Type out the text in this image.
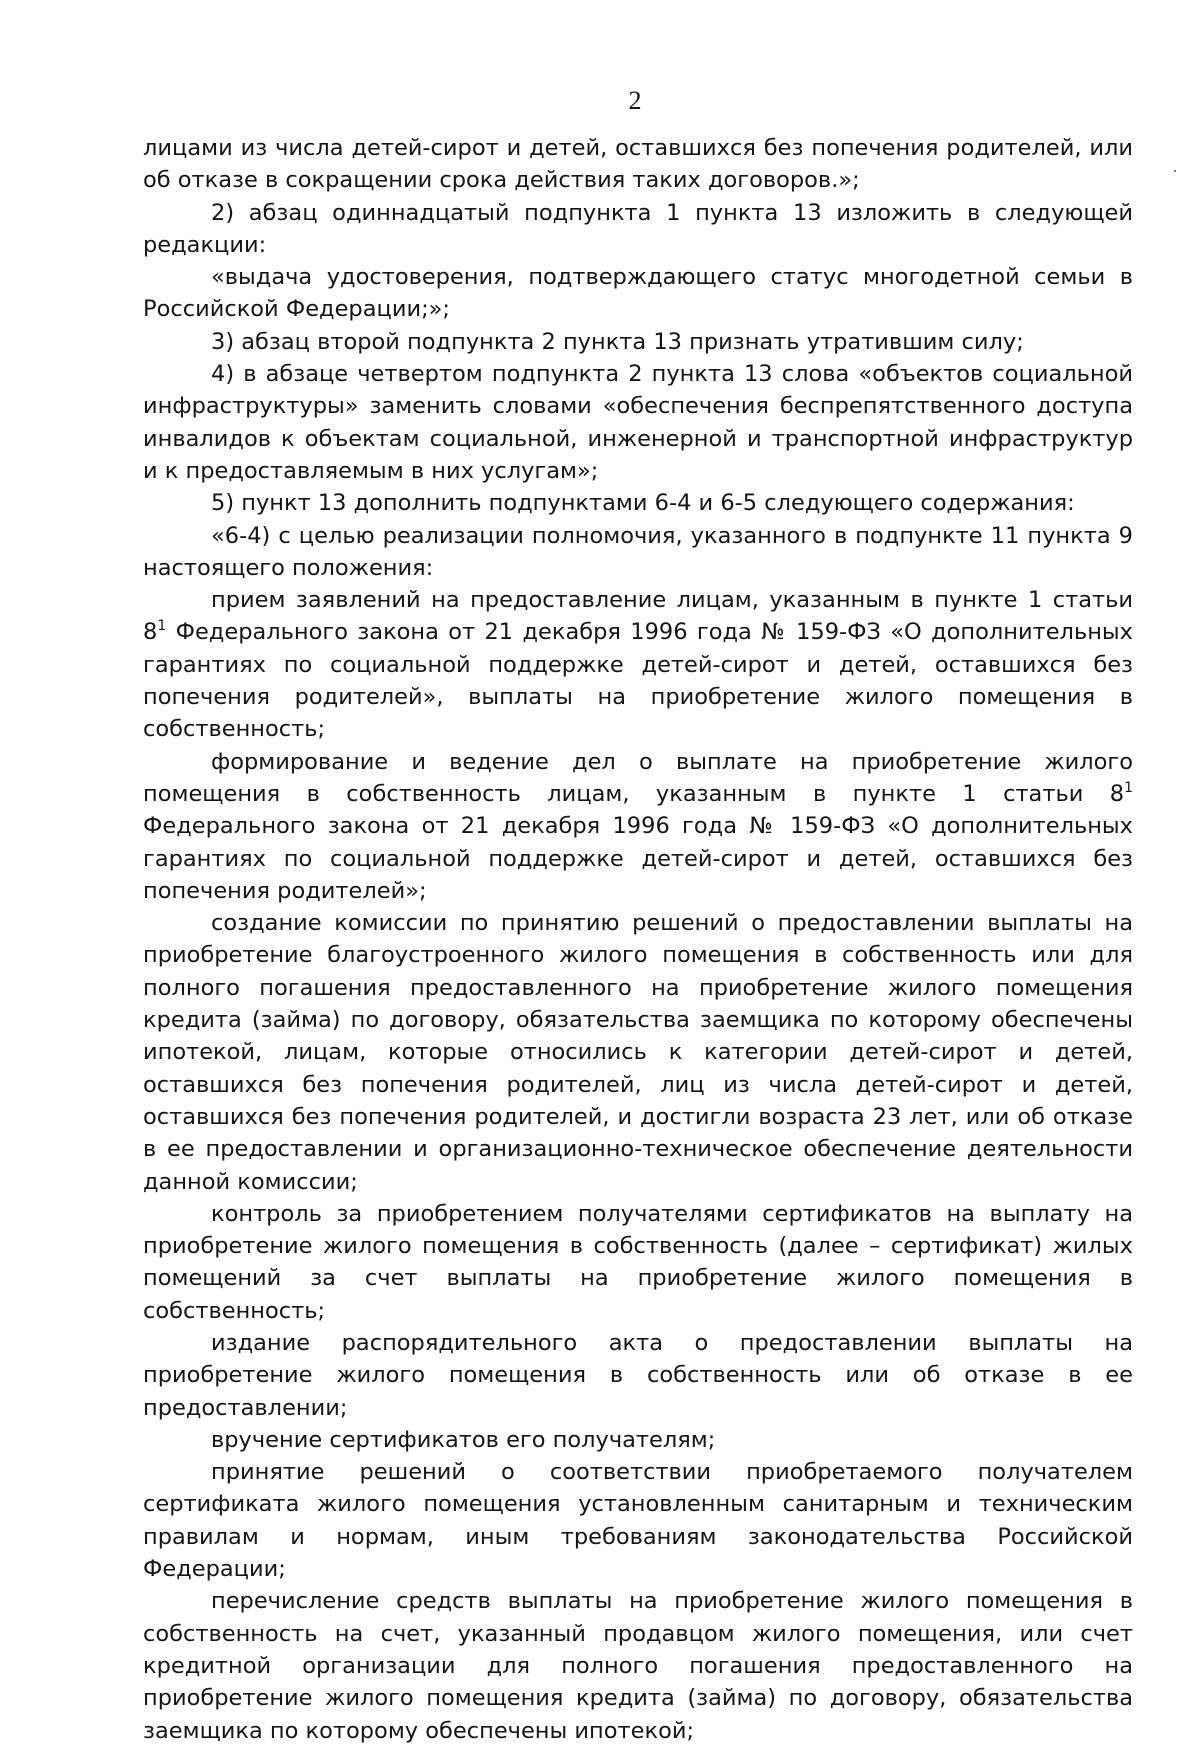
2

лицами из числа детей-сирот и детей, оставшихся без попечения родителей, или об отказе в сокращении срока действия таких договоров.»;

2) абзац одиннадцатый подпункта 1 пункта 13 изложить в следующей редакции:

«выдача удостоверения, подтверждающего статус многодетной семьи в Российской Федерации;»;

3) абзац второй подпункта 2 пункта 13 признать утратившим силу;

4) в абзаце четвертом подпункта 2 пункта 13 слова «объектов социальной инфраструктуры» заменить словами «обеспечения беспрепятственного доступа инвалидов к объектам социальной, инженерной и транспортной инфраструктур и к предоставляемым в них услугам»;

5) пункт 13 дополнить подпунктами 6-4 и 6-5 следующего содержания:

«6-4) с целью реализации полномочия, указанного в подпункте 11 пункта 9 настоящего положения:

прием заявлений на предоставление лицам, указанным в пункте 1 статьи $8^1$ Федерального закона от 21 декабря 1996 года № 159-ФЗ «О дополнительных гарантиях по социальной поддержке детей-сирот и детей, оставшихся без попечения родителей», выплаты на приобретение жилого помещения в собственность;

формирование и ведение дел о выплате на приобретение жилого помещения в собственность лицам, указанным в пункте 1 статьи $8^1$ Федерального закона от 21 декабря 1996 года № 159-ФЗ «О дополнительных гарантиях по социальной поддержке детей-сирот и детей, оставшихся без попечения родителей»;

создание комиссии по принятию решений о предоставлении выплаты на приобретение благоустроенного жилого помещения в собственность или для полного погашения предоставленного на приобретение жилого помещения кредита (займа) по договору, обязательства заемщика по которому обеспечены ипотекой, лицам, которые относились к категории детей-сирот и детей, оставшихся без попечения родителей, лиц из числа детей-сирот и детей, оставшихся без попечения родителей, и достигли возраста 23 лет, или об отказе в ее предоставлении и организационно-техническое обеспечение деятельности данной комиссии;

контроль за приобретением получателями сертификатов на выплату на приобретение жилого помещения в собственность (далее – сертификат) жилых помещений за счет выплаты на приобретение жилого помещения в собственность;

издание распорядительного акта о предоставлении выплаты на приобретение жилого помещения в собственность или об отказе в ее предоставлении;

вручение сертификатов его получателям;

принятие решений о соответствии приобретаемого получателем сертификата жилого помещения установленным санитарным и техническим правилам и нормам, иным требованиям законодательства Российской Федерации;

перечисление средств выплаты на приобретение жилого помещения в собственность на счет, указанный продавцом жилого помещения, или счет кредитной организации для полного погашения предоставленного на приобретение жилого помещения кредита (займа) по договору, обязательства заемщика по которому обеспечены ипотекой;
